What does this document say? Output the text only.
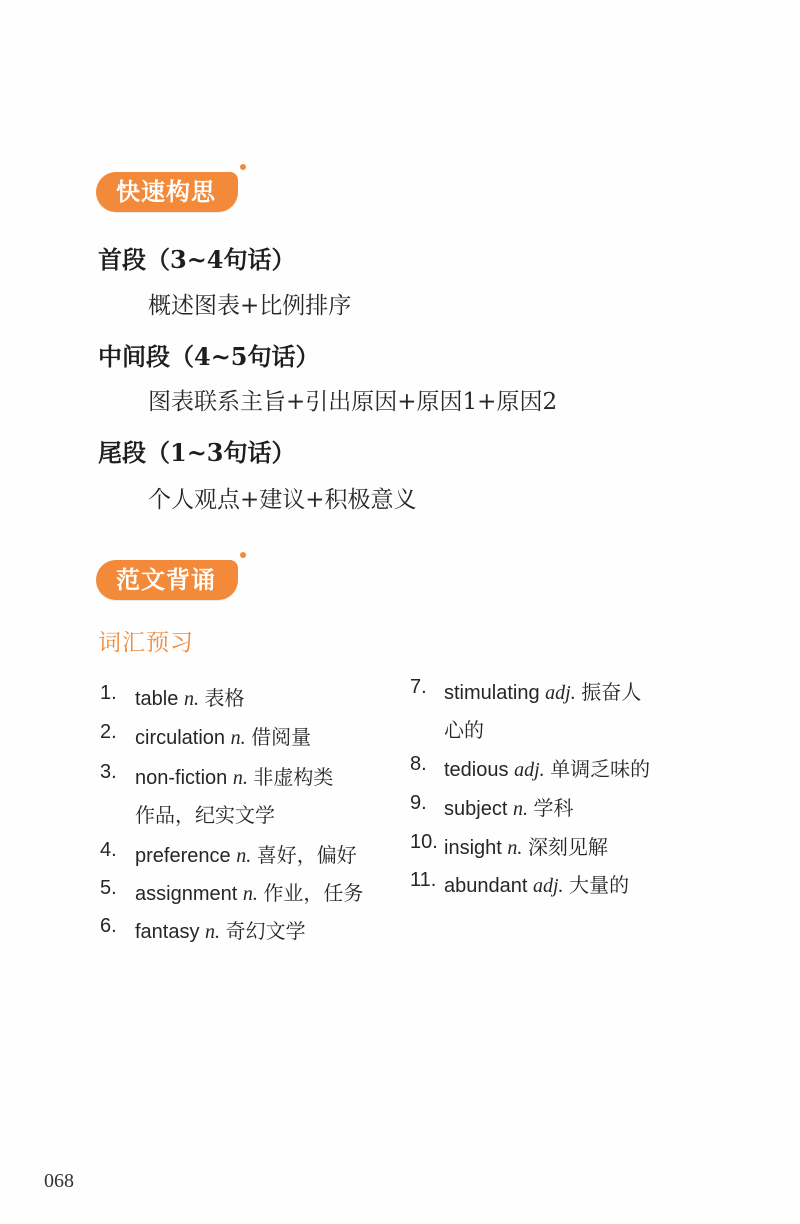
快速构思
首段（3~4句话）
概述图表+比例排序
中间段（4~5句话）
图表联系主旨+引出原因+原因1+原因2
尾段（1~3句话）
个人观点+建议+积极意义
范文背诵
词汇预习
1. table n. 表格
2. circulation n. 借阅量
3. non-fiction n. 非虚构类
作品，纪实文学
4. preference n. 喜好，偏好
5. assignment n. 作业，任务
6. fantasy n. 奇幻文学
7. stimulating adj. 振奋人
心的
8. tedious adj. 单调乏味的
9. subject n. 学科
10. insight n. 深刻见解
11. abundant adj. 大量的
068
